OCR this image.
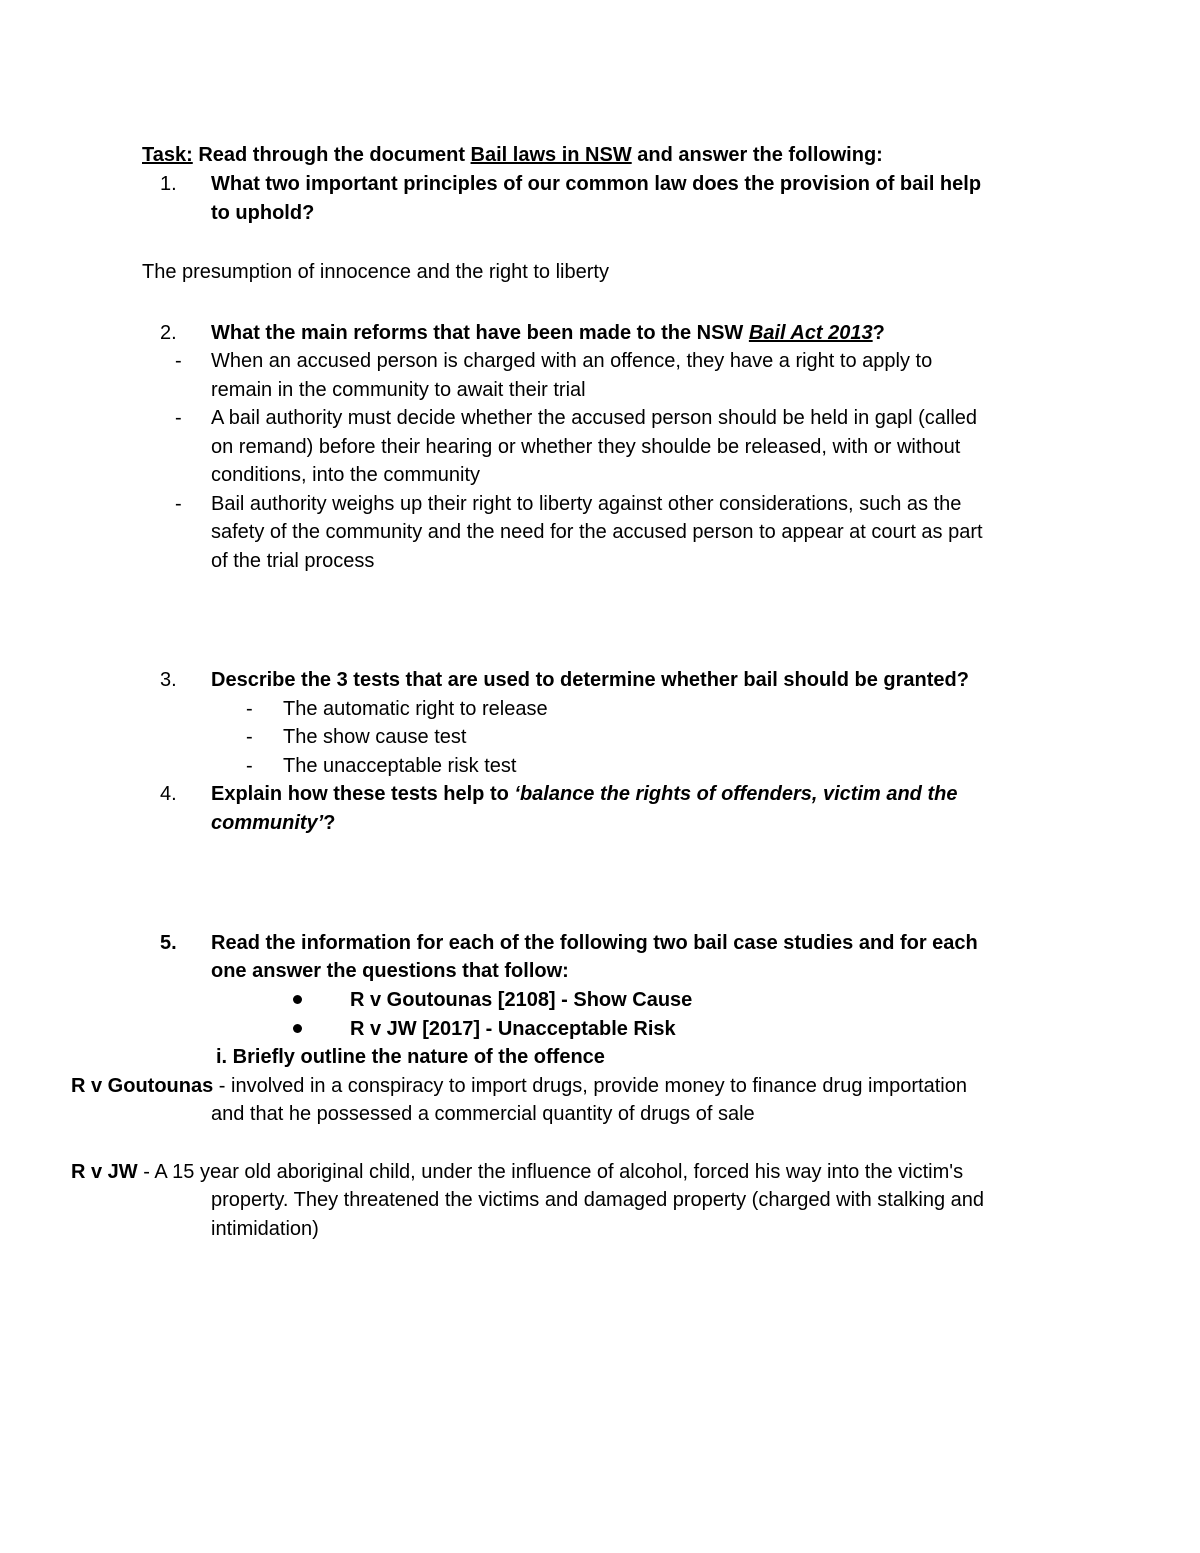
Task: Read through the document Bail laws in NSW and answer the following:
1. What two important principles of our common law does the provision of bail help
to uphold?
The presumption of innocence and the right to liberty
2. What the main reforms that have been made to the NSW Bail Act 2013?
- When an accused person is charged with an offence, they have a right to apply to
remain in the community to await their trial
- A bail authority must decide whether the accused person should be held in gapl (called
on remand) before their hearing or whether they shoulde be released, with or without
conditions, into the community
- Bail authority weighs up their right to liberty against other considerations, such as the
safety of the community and the need for the accused person to appear at court as part
of the trial process
3. Describe the 3 tests that are used to determine whether bail should be granted?
- The automatic right to release
- The show cause test
- The unacceptable risk test
4. Explain how these tests help to ‘balance the rights of offenders, victim and the
community’?
5. Read the information for each of the following two bail case studies and for each
one answer the questions that follow:
R v Goutounas [2108] - Show Cause
R v JW [2017] - Unacceptable Risk
i. Briefly outline the nature of the offence
R v Goutounas - involved in a conspiracy to import drugs, provide money to finance drug importation
and that he possessed a commercial quantity of drugs of sale
R v JW - A 15 year old aboriginal child, under the influence of alcohol, forced his way into the victim's
property. They threatened the victims and damaged property (charged with stalking and
intimidation)
